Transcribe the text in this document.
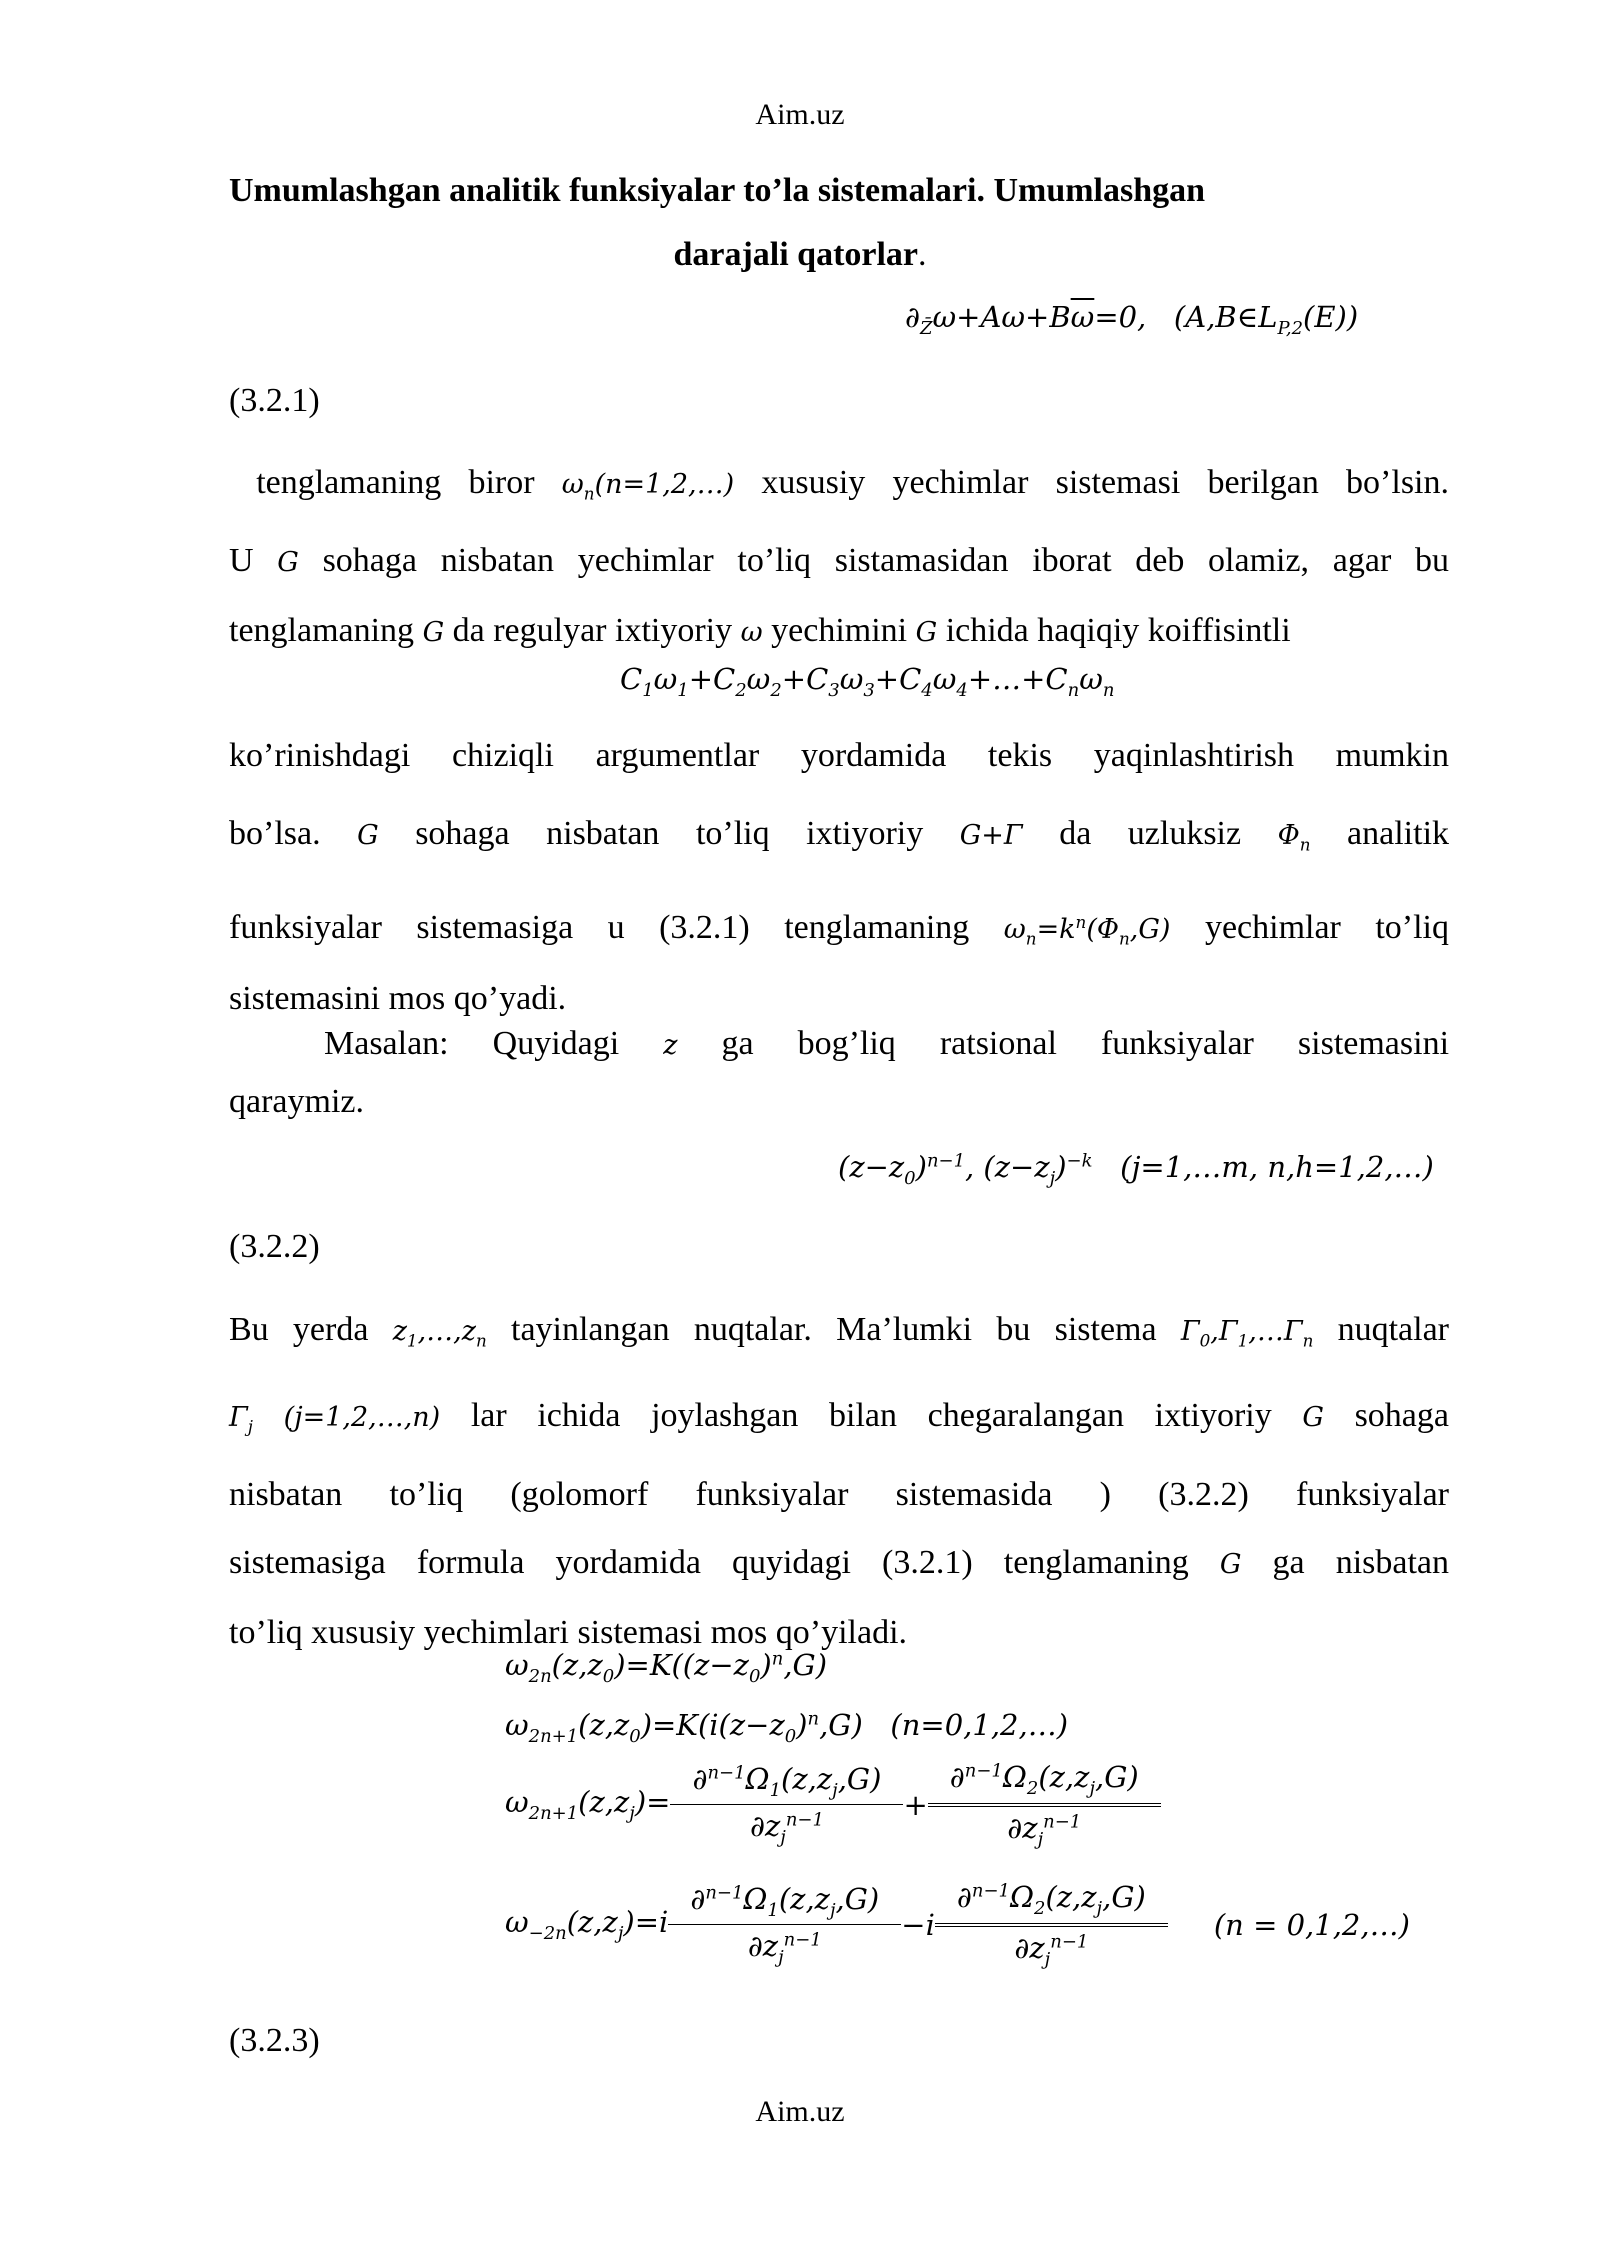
Aim.uz
Umumlashgan analitik funksiyalar to’la sistemalari. Umumlashgan
darajali qatorlar.
$\partial_{Z̄}\omega+A\omega+B\overline{\omega}=0$,   $(A,B\in L_{P,2}(E))$
(3.2.1)
tenglamaning biror $\omega_n(n=1,2,\dots)$ xususiy yechimlar sistemasi berilgan bo’lsin.
U G sohaga nisbatan yechimlar to’liq sistamasidan iborat deb olamiz, agar bu
tenglamaning G da regulyar ixtiyoriy ω yechimini G ichida haqiqiy koiffisintli
$C_1\omega_1+C_2\omega_2+C_3\omega_3+C_4\omega_4+\dots+C_n\omega_n$
ko’rinishdagi chiziqli argumentlar yordamida tekis yaqinlashtirish mumkin
bo’lsa. G sohaga nisbatan to’liq ixtiyoriy G+Γ da uzluksiz $\Phi_n$ analitik
funksiyalar sistemasiga u (3.2.1) tenglamaning $\omega_n=k^n(\Phi_n,G)$ yechimlar to’liq
sistemasini mos qo’yadi.
Masalan: Quyidagi z ga bog’liq ratsional funksiyalar sistemasini
qaraymiz.
$(z-z_0)^{n-1}$, $(z-z_j)^{-k}$   (j=1,…m, n,h=1,2,…)
(3.2.2)
Bu yerda $z_1,\dots,z_n$ tayinlangan nuqtalar. Ma’lumki bu sistema $\Gamma_0,\Gamma_1,\dots\Gamma_n$ nuqtalar
$\Gamma_j$ (j=1,2,…,n) lar ichida joylashgan bilan chegaralangan ixtiyoriy G sohaga
nisbatan to’liq (golomorf funksiyalar sistemasida ) (3.2.2) funksiyalar
sistemasiga formula yordamida quyidagi (3.2.1) tenglamaning G ga nisbatan
to’liq xususiy yechimlari sistemasi mos qo’yiladi.
$\omega_{2n}(z,z_0)=K((z-z_0)^n,G)$
$\omega_{2n+1}(z,z_0)=K(i(z-z_0)^n,G)$   (n=0,1,2,…)
$\omega_{2n+1}(z,z_j)= \frac{\partial^{n-1}\Omega_1(z,z_j,G)}{\partial z_j^{n-1}} + \frac{\partial^{n-1}\Omega_2(z,z_j,G)}{\partial z_j^{n-1}}$
$\omega_{-2n}(z,z_j)=i \frac{\partial^{n-1}\Omega_1(z,z_j,G)}{\partial z_j^{n-1}} -i \frac{\partial^{n-1}\Omega_2(z,z_j,G)}{\partial z_j^{n-1}} (n$ = 0,1,2,…)
(3.2.3)
Aim.uz
